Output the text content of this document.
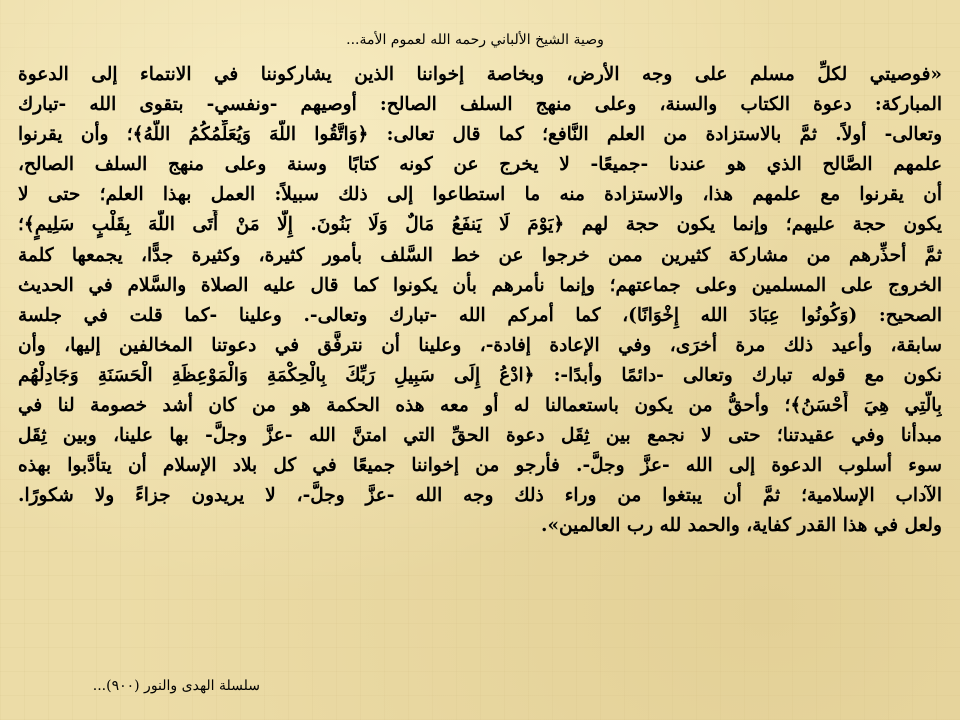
وصية الشيخ الألباني رحمه الله لعموم الأمة...
«فوصيتي لكلِّ مسلم على وجه الأرض، وبخاصة إخواننا الذين يشاركوننا في الانتماء إلى الدعوة
المباركة: دعوة الكتاب والسنة، وعلى منهج السلف الصالح: أوصيهم -ونفسي- بتقوى الله -تبارك
وتعالى- أولاً. ثمَّ بالاستزادة من العلم النَّافع؛ كما قال تعالى: ﴿وَاتَّقُوا اللَّهَ وَيُعَلِّمُكُمُ اللَّهُ﴾؛ وأن يقرنوا
علمهم الصَّالح الذي هو عندنا -جميعًا- لا يخرج عن كونه كتابًا وسنة وعلى منهج السلف الصالح،
أن يقرنوا مع علمهم هذا، والاستزادة منه ما استطاعوا إلى ذلك سبيلاً: العمل بهذا العلم؛ حتى لا
يكون حجة عليهم؛ وإنما يكون حجة لهم ﴿يَوْمَ لَا يَنفَعُ مَالٌ وَلَا بَنُونَ. إِلَّا مَنْ أَتَى اللَّهَ بِقَلْبٍ سَلِيمٍ﴾؛
ثمَّ أحذِّرهم من مشاركة كثيرين ممن خرجوا عن خط السَّلف بأمور كثيرة، وكثيرة جدًّا، يجمعها كلمة
الخروج على المسلمين وعلى جماعتهم؛ وإنما نأمرهم بأن يكونوا كما قال عليه الصلاة والسَّلام في الحديث
الصحيح: (وَكُونُوا عِبَادَ الله إِخْوَانًا)، كما أمركم الله -تبارك وتعالى-. وعلينا -كما قلت في جلسة
سابقة، وأعيد ذلك مرة أخرَى، وفي الإعادة إفادة-، وعلينا أن نترفَّق في دعوتنا المخالفين إليها، وأن
نكون مع قوله تبارك وتعالى -دائمًا وأبدًا-: ﴿ادْعُ إِلَى سَبِيلِ رَبِّكَ بِالْحِكْمَةِ وَالْمَوْعِظَةِ الْحَسَنَةِ وَجَادِلْهُم
بِالَّتِي هِيَ أَحْسَنُ﴾؛ وأحقُّ من يكون باستعمالنا له أو معه هذه الحكمة هو من كان أشد خصومة لنا في
مبدأنا وفي عقيدتنا؛ حتى لا نجمع بين ثِقَل دعوة الحقِّ التي امتنَّ الله -عزَّ وجلَّ- بها علينا، وبين ثِقَل
سوء أسلوب الدعوة إلى الله -عزَّ وجلَّ-. فأرجو من إخواننا جميعًا في كل بلاد الإسلام أن يتأدَّبوا بهذه
الآداب الإسلامية؛ ثمَّ أن يبتغوا من وراء ذلك وجه الله -عزَّ وجلَّ-، لا يريدون جزاءً ولا شكورًا.
ولعل في هذا القدر كفاية، والحمد لله رب العالمين».
سلسلة الهدى والنور (٩٠٠)...
